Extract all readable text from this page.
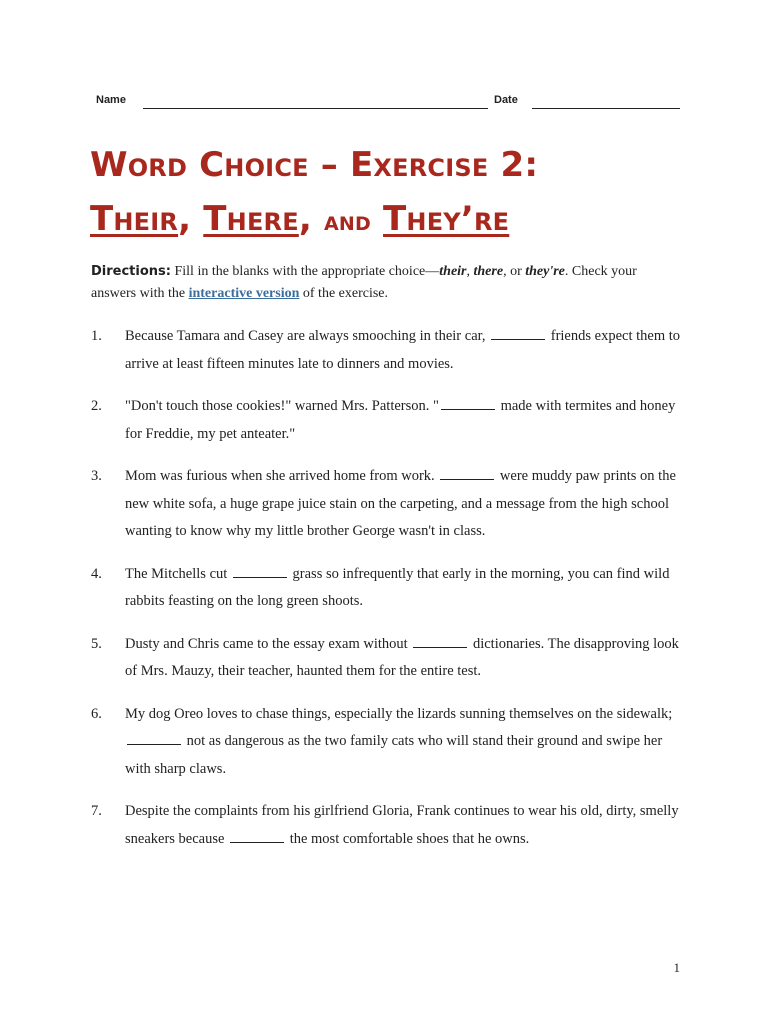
Name	Date
Word Choice – Exercise 2:
Their, There, and They’re
Directions: Fill in the blanks with the appropriate choice—their, there, or they're. Check your answers with the interactive version of the exercise.
1. Because Tamara and Casey are always smooching in their car,	friends expect them to arrive at least fifteen minutes late to dinners and movies.
2. "Don't touch those cookies!" warned Mrs. Patterson. "	made with termites and honey for Freddie, my pet anteater."
3. Mom was furious when she arrived home from work.	were muddy paw prints on the new white sofa, a huge grape juice stain on the carpeting, and a message from the high school wanting to know why my little brother George wasn't in class.
4. The Mitchells cut	grass so infrequently that early in the morning, you can find wild rabbits feasting on the long green shoots.
5. Dusty and Chris came to the essay exam without	dictionaries. The disapproving look of Mrs. Mauzy, their teacher, haunted them for the entire test.
6. My dog Oreo loves to chase things, especially the lizards sunning themselves on the sidewalk;  not as dangerous as the two family cats who will stand their ground and swipe her with sharp claws.
7. Despite the complaints from his girlfriend Gloria, Frank continues to wear his old, dirty, smelly sneakers because	the most comfortable shoes that he owns.
1
